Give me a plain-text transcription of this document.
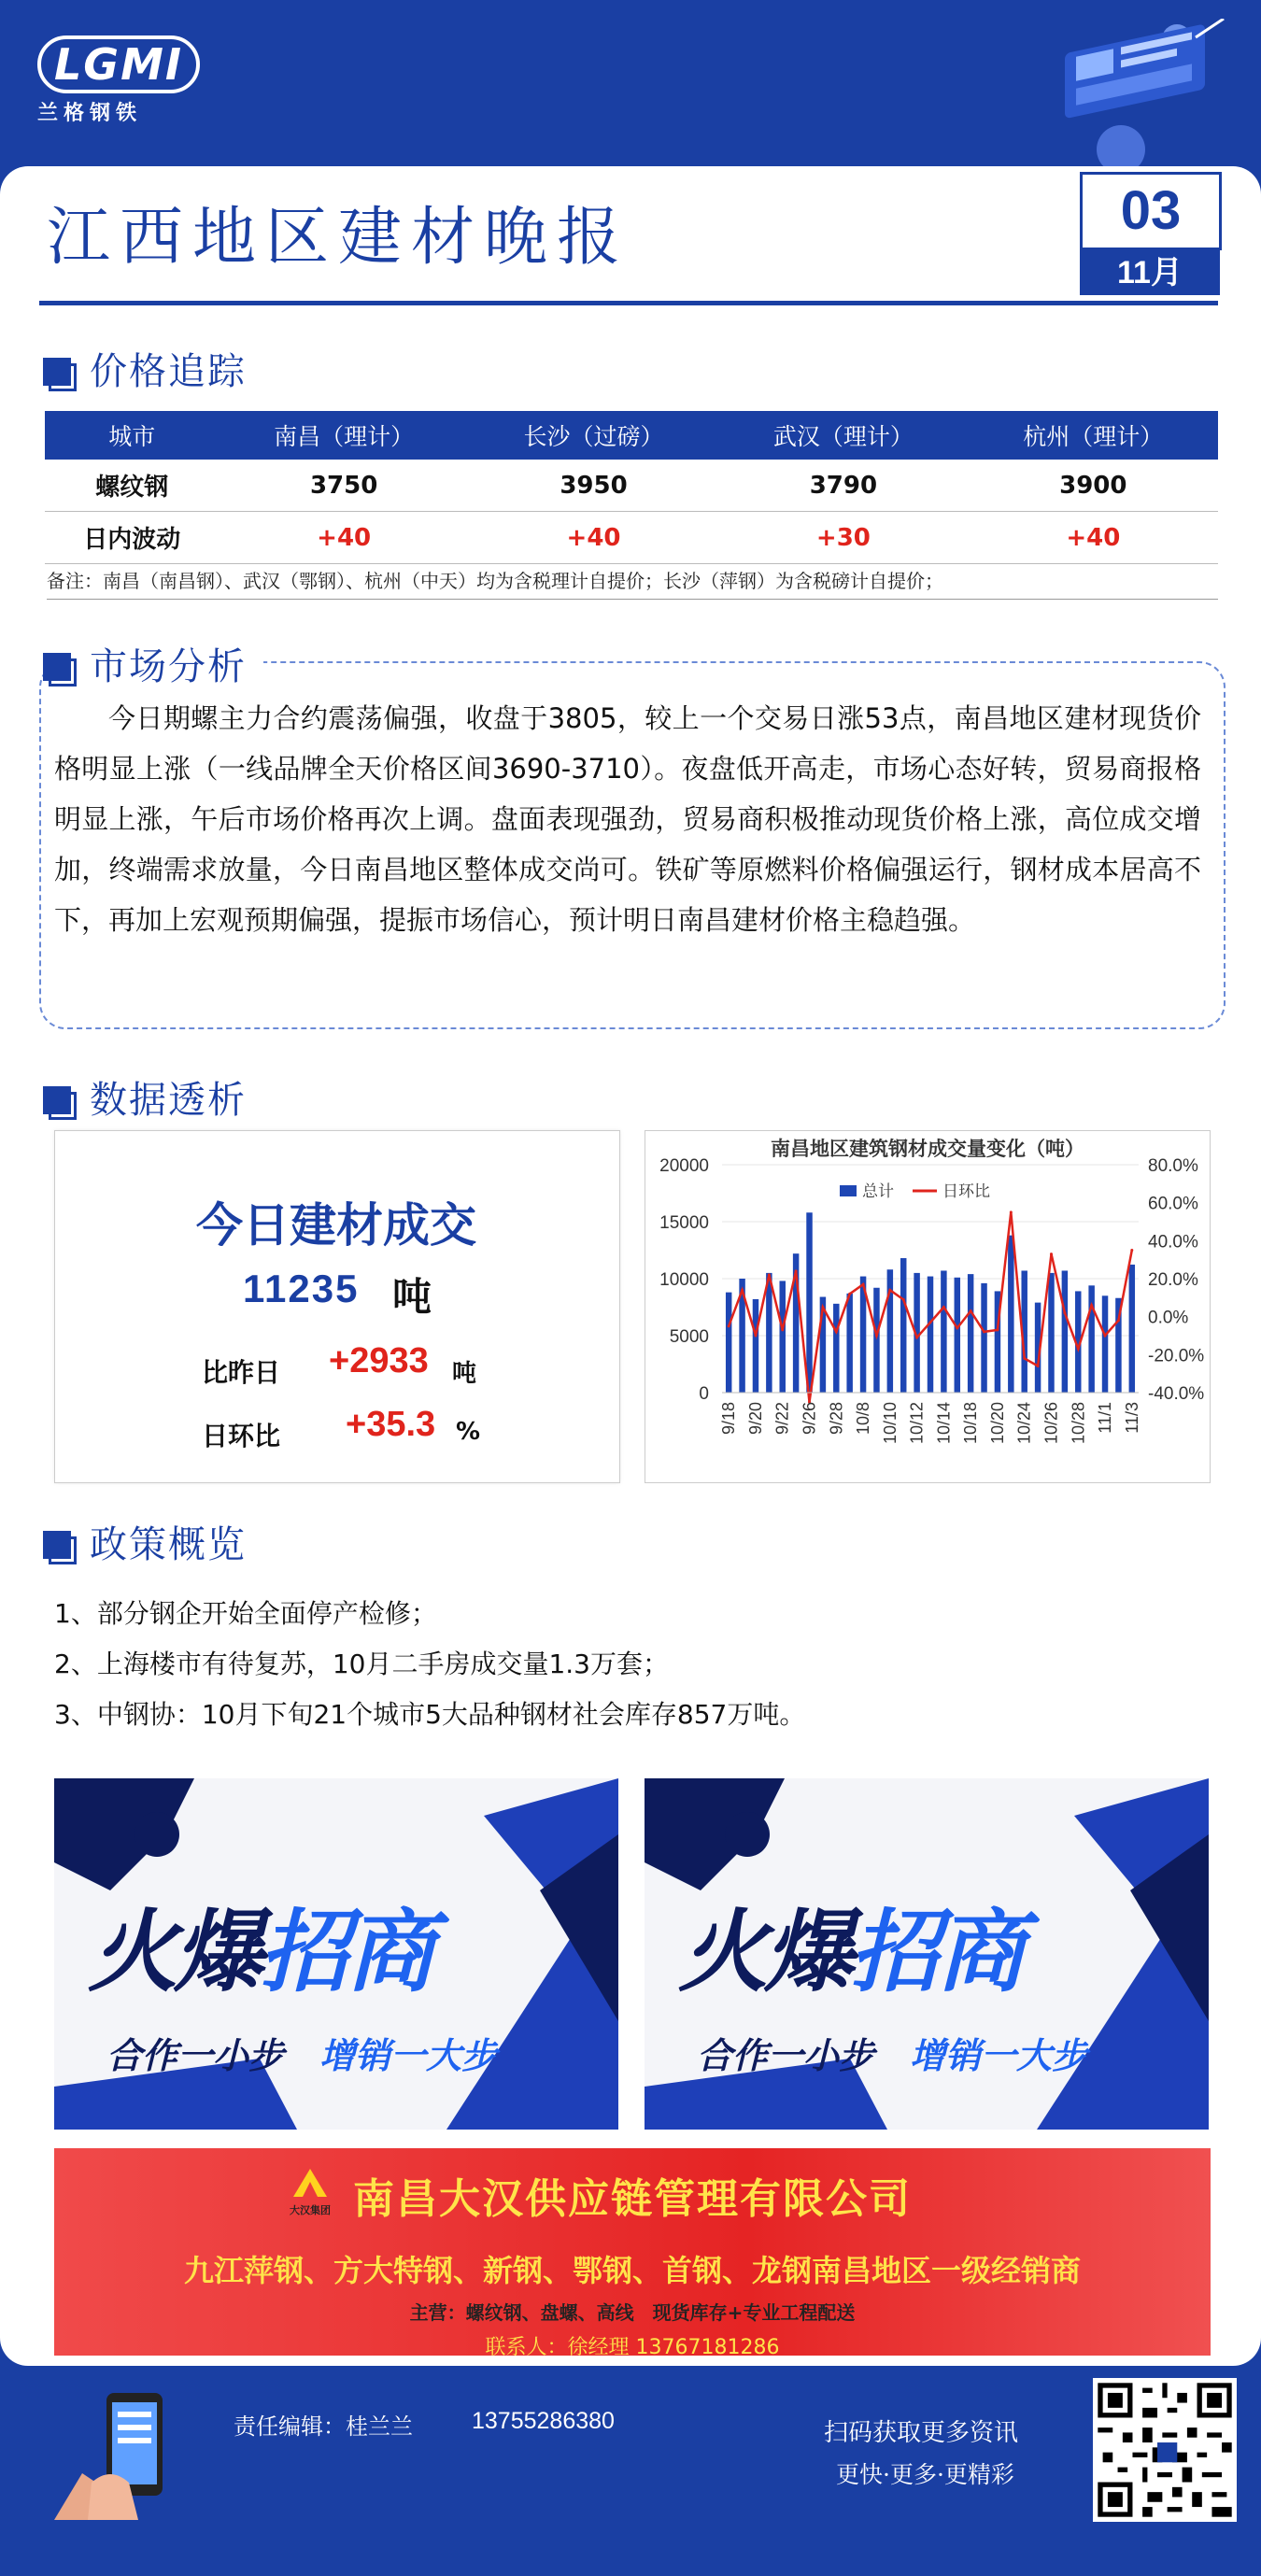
LGMI
兰格钢铁
江西地区建材晚报	03
11月
价格追踪
城市	南昌（理计）	长沙（过磅）	武汉（理计）	杭州（理计）
螺纹钢	3750	3950	3790	3900
日内波动	+40	+40	+30	+40
备注：南昌（南昌钢）、武汉（鄂钢）、杭州（中天）均为含税理计自提价；长沙（萍钢）为含税磅计自提价；
市场分析
今日期螺主力合约震荡偏强，收盘于3805，较上一个交易日涨53点，南昌地区建材现货价格明显上涨（一线品牌全天价格区间3690-3710）。夜盘低开高走，市场心态好转，贸易商报格明显上涨，午后市场价格再次上调。盘面表现强劲，贸易商积极推动现货价格上涨，高位成交增加，终端需求放量，今日南昌地区整体成交尚可。铁矿等原燃料价格偏强运行，钢材成本居高不下，再加上宏观预期偏强，提振市场信心，预计明日南昌建材价格主稳趋强。
数据透析
今日建材成交
11235 吨
比昨日 +2933 吨
日环比 +35.3 %
南昌地区建筑钢材成交量变化（吨）
0
5000
10000
15000
20000
-40.0%
-20.0%
0.0%
20.0%
40.0%
60.0%
80.0%
总计	日环比
9/18 9/20 9/22 9/26 9/28 10/8 10/10 10/12 10/14 10/18 10/20 10/24 10/26 10/28 11/1 11/3
政策概览
1、部分钢企开始全面停产检修；
2、上海楼市有待复苏，10月二手房成交量1.3万套；
3、中钢协：10月下旬21个城市5大品种钢材社会库存857万吨。
火爆招商
合作一小步　 增销一大步
火爆招商
合作一小步　 增销一大步
大汉集团 南昌大汉供应链管理有限公司
九江萍钢、方大特钢、新钢、鄂钢、首钢、龙钢南昌地区一级经销商
主营：螺纹钢、盘螺、高线　现货库存+专业工程配送
联系人：徐经理 13767181286
责任编辑：桂兰兰	13755286380	扫码获取更多资讯
更快·更多·更精彩
